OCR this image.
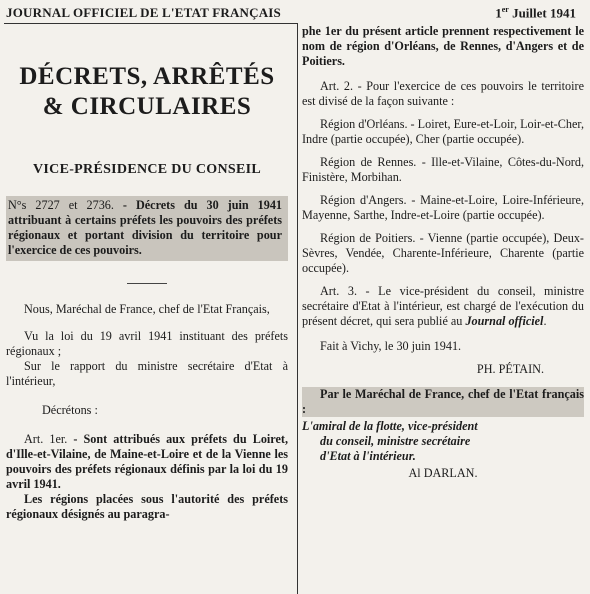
JOURNAL OFFICIEL DE L'ETAT FRANÇAIS	1er Juillet 1941
DÉCRETS, ARRÊTÉS
& CIRCULAIRES
VICE-PRÉSIDENCE DU CONSEIL
N°s 2727 et 2736. - Décrets du 30 juin 1941 attribuant à certains préfets les pouvoirs des préfets régionaux et portant division du territoire pour l'exercice de ces pouvoirs.

Nous, Maréchal de France, chef de l'Etat Français,

Vu la loi du 19 avril 1941 instituant des préfets régionaux ;

Sur le rapport du ministre secrétaire d'Etat à l'intérieur,

Décrétons :

Art. 1er. - Sont attribués aux préfets du Loiret, d'Ille-et-Vilaine, de Maine-et-Loire et de la Vienne les pouvoirs des préfets régionaux définis par la loi du 19 avril 1941.

Les régions placées sous l'autorité des préfets régionaux désignés au paragra-

phe 1er du présent article prennent respectivement le nom de région d'Orléans, de Rennes, d'Angers et de Poitiers.

Art. 2. - Pour l'exercice de ces pouvoirs le territoire est divisé de la façon suivante :

Région d'Orléans. - Loiret, Eure-et-Loir, Loir-et-Cher, Indre (partie occupée), Cher (partie occupée).

Région de Rennes. - Ille-et-Vilaine, Côtes-du-Nord, Finistère, Morbihan.

Région d'Angers. - Maine-et-Loire, Loire-Inférieure, Mayenne, Sarthe, Indre-et-Loire (partie occupée).

Région de Poitiers. - Vienne (partie occupée), Deux-Sèvres, Vendée, Charente-Inférieure, Charente (partie occupée).

Art. 3. - Le vice-président du conseil, ministre secrétaire d'Etat à l'intérieur, est chargé de l'exécution du présent décret, qui sera publié au Journal officiel.

Fait à Vichy, le 30 juin 1941.

PH. PÉTAIN.

Par le Maréchal de France, chef de l'Etat français :

L'amiral de la flotte, vice-président

du conseil, ministre secrétaire

d'Etat à l'intérieur.

Al DARLAN.
